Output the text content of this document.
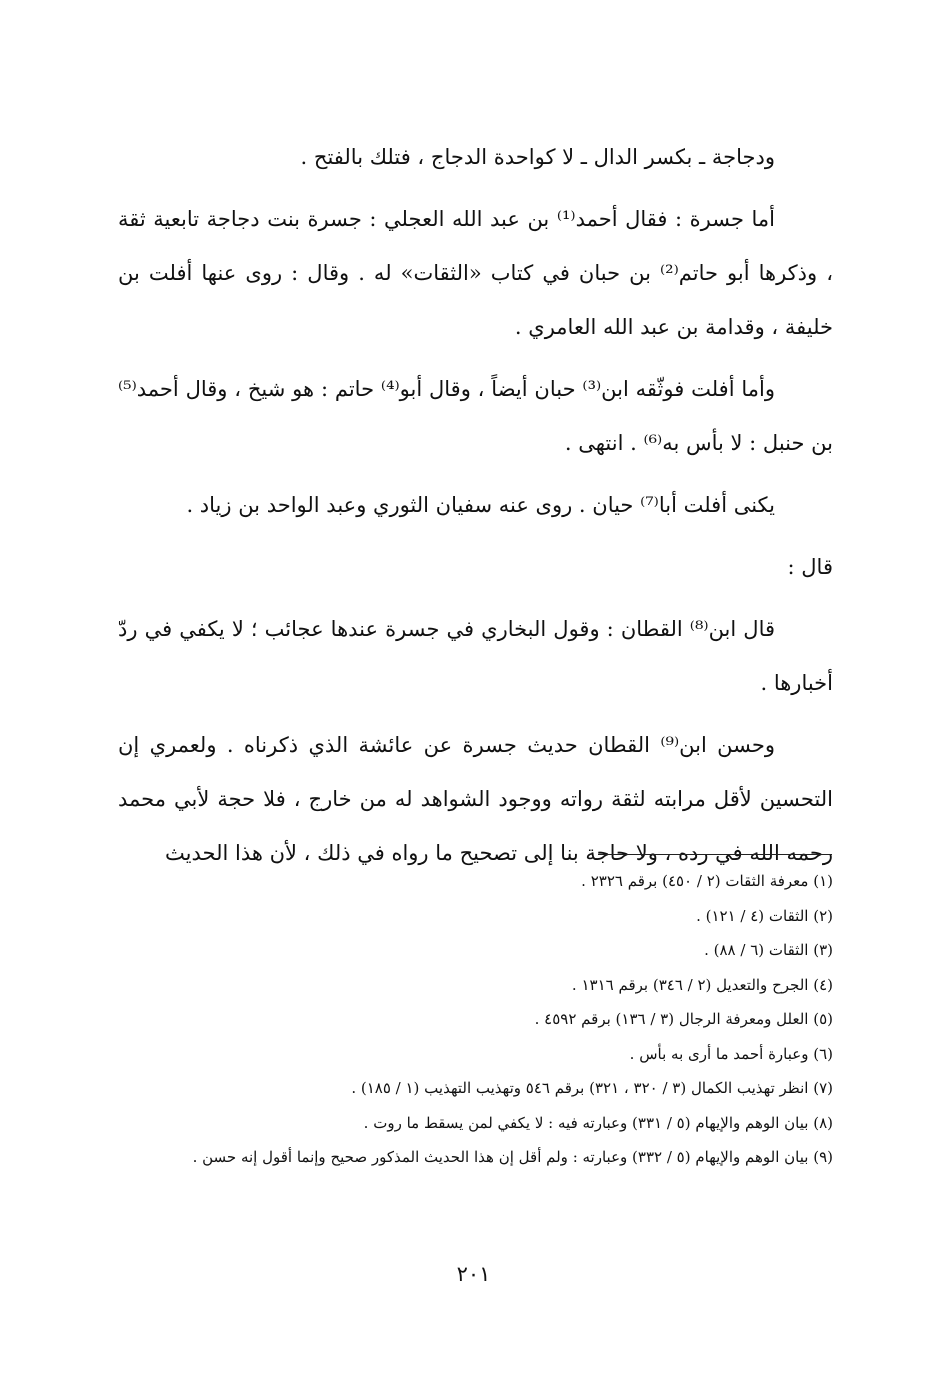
ودجاجة ـ بكسر الدال ـ لا كواحدة الدجاج ، فتلك بالفتح .

أما جسرة : فقال أحمد⁽¹⁾ بن عبد الله العجلي : جسرة بنت دجاجة تابعية ثقة ، وذكرها أبو حاتم⁽²⁾ بن حبان في كتاب «الثقات» له . وقال : روى عنها أفلت بن خليفة ، وقدامة بن عبد الله العامري .

وأما أفلت فوثّقه ابن⁽³⁾ حبان أيضاً ، وقال أبو⁽⁴⁾ حاتم : هو شيخ ، وقال أحمد⁽⁵⁾ بن حنبل : لا بأس به⁽⁶⁾ . انتهى .

يكنى أفلت أبا⁽⁷⁾ حيان . روى عنه سفيان الثوري وعبد الواحد بن زياد .

قال :

قال ابن⁽⁸⁾ القطان : وقول البخاري في جسرة عندها عجائب ؛ لا يكفي في ردّ أخبارها .

وحسن ابن⁽⁹⁾ القطان حديث جسرة عن عائشة الذي ذكرناه . ولعمري إن التحسين لأقل مرابته لثقة رواته ووجود الشواهد له من خارج ، فلا حجة لأبي محمد رحمه الله في رده ، ولا حاجة بنا إلى تصحيح ما رواه في ذلك ، لأن هذا الحديث

(١) معرفة الثقات (٢ / ٤٥٠) برقم ٢٣٢٦ .

(٢) الثقات (٤ / ١٢١) .

(٣) الثقات (٦ / ٨٨) .

(٤) الجرح والتعديل (٢ / ٣٤٦) برقم ١٣١٦ .

(٥) العلل ومعرفة الرجال (٣ / ١٣٦) برقم ٤٥٩٢ .

(٦) وعبارة أحمد ما أرى به بأس .

(٧) انظر تهذيب الكمال (٣ / ٣٢٠ ، ٣٢١) برقم ٥٤٦ وتهذيب التهذيب (١ / ١٨٥) .

(٨) بيان الوهم والإيهام (٥ / ٣٣١) وعبارته فيه : لا يكفي لمن يسقط ما روت .

(٩) بيان الوهم والإيهام (٥ / ٣٣٢) وعبارته : ولم أقل إن هذا الحديث المذكور صحيح وإنما أقول إنه حسن .

٢٠١
